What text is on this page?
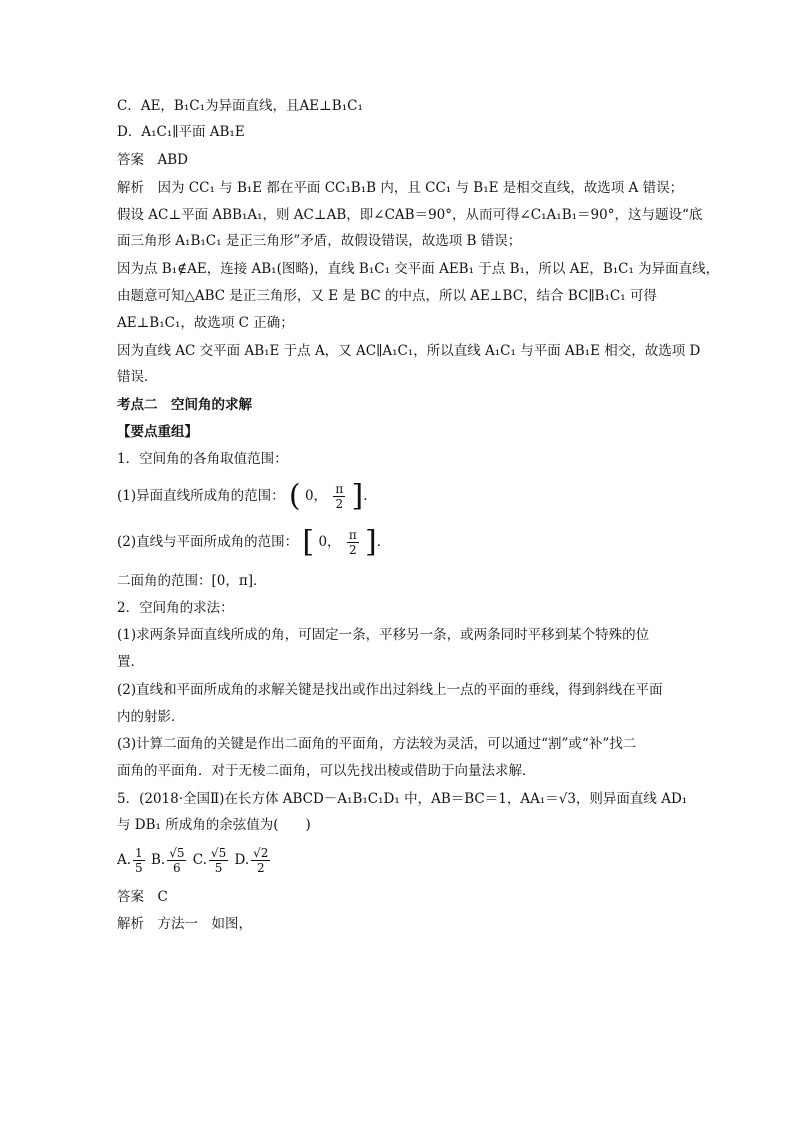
C．AE，B₁C₁为异面直线，且AE⊥B₁C₁
D．A₁C₁∥平面 AB₁E
答案　ABD
解析　因为 CC₁ 与 B₁E 都在平面 CC₁B₁B 内，且 CC₁ 与 B₁E 是相交直线，故选项 A 错误；
假设 AC⊥平面 ABB₁A₁，则 AC⊥AB，即∠CAB＝90°，从而可得∠C₁A₁B₁＝90°，这与题设“底
面三角形 A₁B₁C₁ 是正三角形”矛盾，故假设错误，故选项 B 错误；
因为点 B₁∉AE，连接 AB₁(图略)，直线 B₁C₁ 交平面 AEB₁ 于点 B₁，所以 AE，B₁C₁ 为异面直线，
由题意可知△ABC 是正三角形，又 E 是 BC 的中点，所以 AE⊥BC，结合 BC∥B₁C₁ 可得
AE⊥B₁C₁，故选项 C 正确；
因为直线 AC 交平面 AB₁E 于点 A，又 AC∥A₁C₁，所以直线 A₁C₁ 与平面 AB₁E 相交，故选项 D
错误．
考点二　空间角的求解
【要点重组】
1．空间角的各角取值范围：
(1)异面直线所成角的范围： ( 0， $\frac{\pi}{2}$ ]．
(2)直线与平面所成角的范围： [ 0， $\frac{\pi}{2}$ ]．
二面角的范围：[0，π]．
2．空间角的求法：
(1)求两条异面直线所成的角，可固定一条，平移另一条，或两条同时平移到某个特殊的位
置．
(2)直线和平面所成角的求解关键是找出或作出过斜线上一点的平面的垂线，得到斜线在平面
内的射影．
(3)计算二面角的关键是作出二面角的平面角，方法较为灵活，可以通过“割”或“补”找二
面角的平面角．对于无棱二面角，可以先找出棱或借助于向量法求解．
5．(2018·全国Ⅱ)在长方体 ABCD－A₁B₁C₁D₁ 中，AB＝BC＝1，AA₁＝√3，则异面直线 AD₁
与 DB₁ 所成角的余弦值为(　　)
A. $\frac{1}{5} B$. $\frac{√5}{6} C$. $\frac{√5}{5} D$. $\frac{√2}{2}$
答案　C
解析　方法一　如图，
